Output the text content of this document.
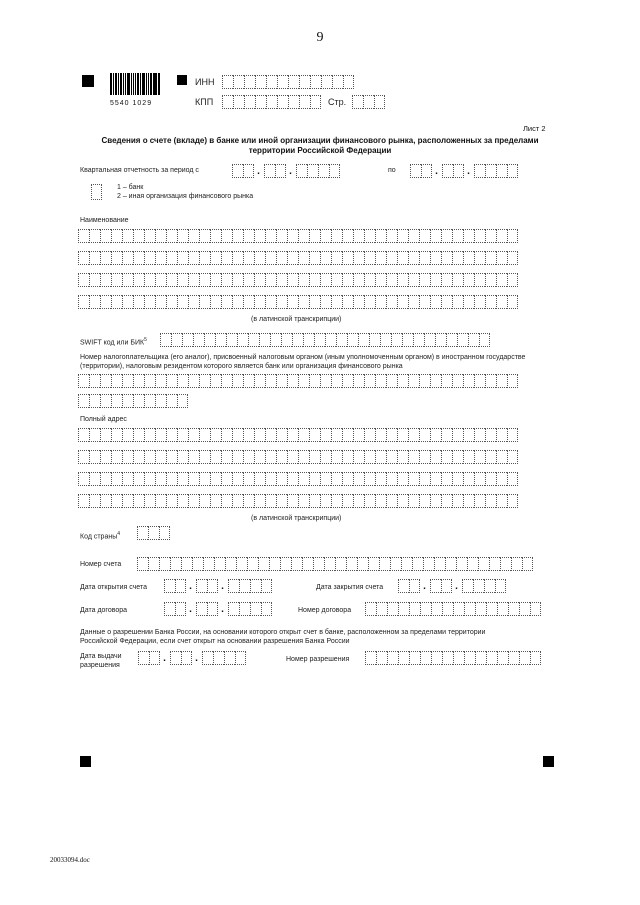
9
5540 1029
ИНН
КПП	Стр.
Лист 2
Сведения о счете (вкладе) в банке или иной организации финансового рынка, расположенных за пределами территории Российской Федерации
Квартальная отчетность за период с	.	.	по	.	.
1 – банк
2 – иная организация финансового рынка
Наименование
(в латинской транскрипции)
SWIFT код или БИК$^5$
Номер налогоплательщика (его аналог), присвоенный налоговым органом (иным уполномоченным органом) в иностранном государстве (территории), налоговым резидентом которого является банк или организация финансового рынка
Полный адрес
(в латинской транскрипции)
Код страны$^4$
Номер счета
Дата открытия счета	.	.	Дата закрытия счета	.	.
Дата договора	.	.	Номер договора
Данные о разрешении Банка России, на основании которого открыт счет в банке, расположенном за пределами территории Российской Федерации, если счет открыт на основании разрешения Банка России
Дата выдачи разрешения
.	.	Номер разрешения
20033094.doc
